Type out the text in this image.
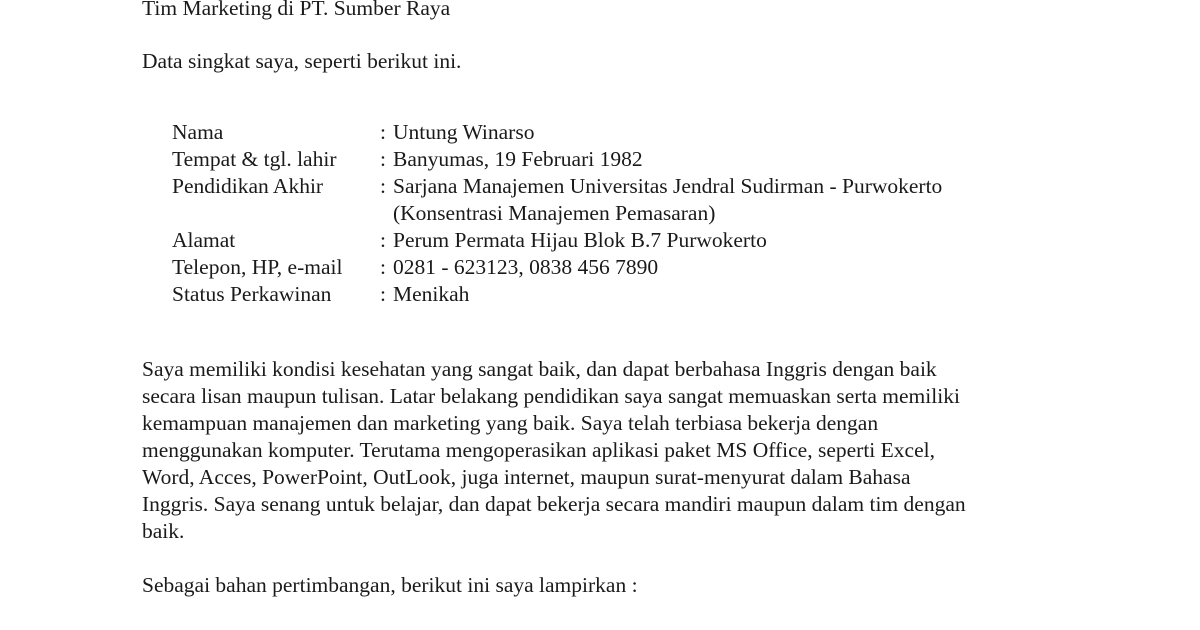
Tim Marketing di PT. Sumber Raya
Data singkat saya, seperti berikut ini.
Nama	: Untung Winarso
Tempat & tgl. lahir	: Banyumas, 19 Februari 1982
Pendidikan Akhir	: Sarjana Manajemen Universitas Jendral Sudirman - Purwokerto
(Konsentrasi Manajemen Pemasaran)
Alamat	: Perum Permata Hijau Blok B.7 Purwokerto
Telepon, HP, e-mail	: 0281 - 623123, 0838 456 7890
Status Perkawinan	: Menikah
Saya memiliki kondisi kesehatan yang sangat baik, dan dapat berbahasa Inggris dengan baik
secara lisan maupun tulisan. Latar belakang pendidikan saya sangat memuaskan serta memiliki
kemampuan manajemen dan marketing yang baik. Saya telah terbiasa bekerja dengan
menggunakan komputer. Terutama mengoperasikan aplikasi paket MS Office, seperti Excel,
Word, Acces, PowerPoint, OutLook, juga internet, maupun surat-menyurat dalam Bahasa
Inggris. Saya senang untuk belajar, dan dapat bekerja secara mandiri maupun dalam tim dengan
baik.
Sebagai bahan pertimbangan, berikut ini saya lampirkan :
